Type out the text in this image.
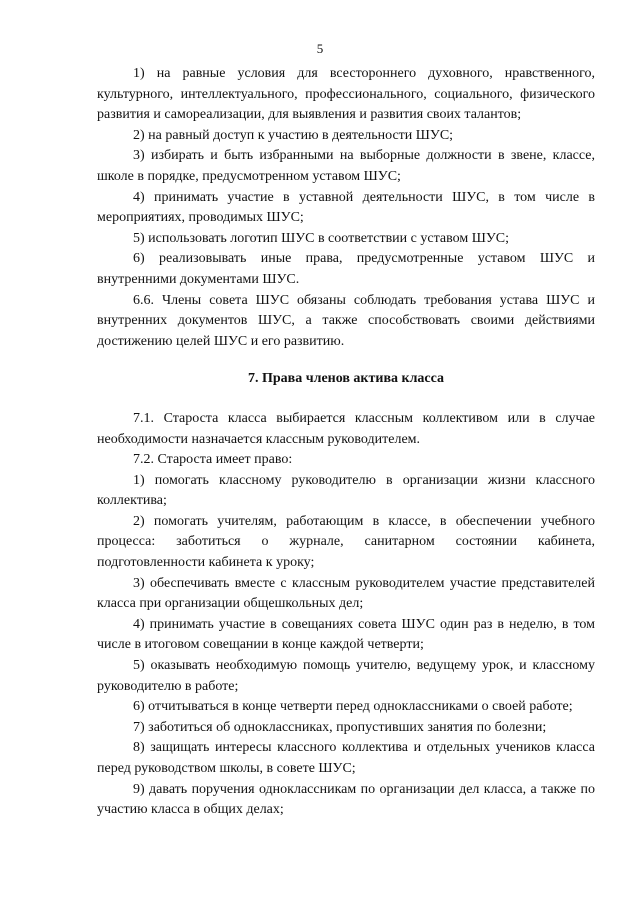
5

1) на равные условия для всестороннего духовного, нравственного, культурного, интеллектуального, профессионального, социального, физического развития и самореализации, для выявления и развития своих талантов;

2) на равный доступ к участию в деятельности ШУС;

3) избирать и быть избранными на выборные должности в звене, классе, школе в порядке, предусмотренном уставом ШУС;

4) принимать участие в уставной деятельности ШУС, в том числе в мероприятиях, проводимых ШУС;

5) использовать логотип ШУС в соответствии с уставом ШУС;

6) реализовывать иные права, предусмотренные уставом ШУС и внутренними документами ШУС.

6.6. Члены совета ШУС обязаны соблюдать требования устава ШУС и внутренних документов ШУС, а также способствовать своими действиями достижению целей ШУС и его развитию.

7. Права членов актива класса

7.1. Староста класса выбирается классным коллективом или в случае необходимости назначается классным руководителем.

7.2. Староста имеет право:

1) помогать классному руководителю в организации жизни классного коллектива;

2) помогать учителям, работающим в классе, в обеспечении учебного процесса: заботиться о журнале, санитарном состоянии кабинета, подготовленности кабинета к уроку;

3) обеспечивать вместе с классным руководителем участие представителей класса при организации общешкольных дел;

4) принимать участие в совещаниях совета ШУС один раз в неделю, в том числе в итоговом совещании в конце каждой четверти;

5) оказывать необходимую помощь учителю, ведущему урок, и классному руководителю в работе;

6) отчитываться в конце четверти перед одноклассниками о своей работе;

7) заботиться об одноклассниках, пропустивших занятия по болезни;

8) защищать интересы классного коллектива и отдельных учеников класса перед руководством школы, в совете ШУС;

9) давать поручения одноклассникам по организации дел класса, а также по участию класса в общих делах;
